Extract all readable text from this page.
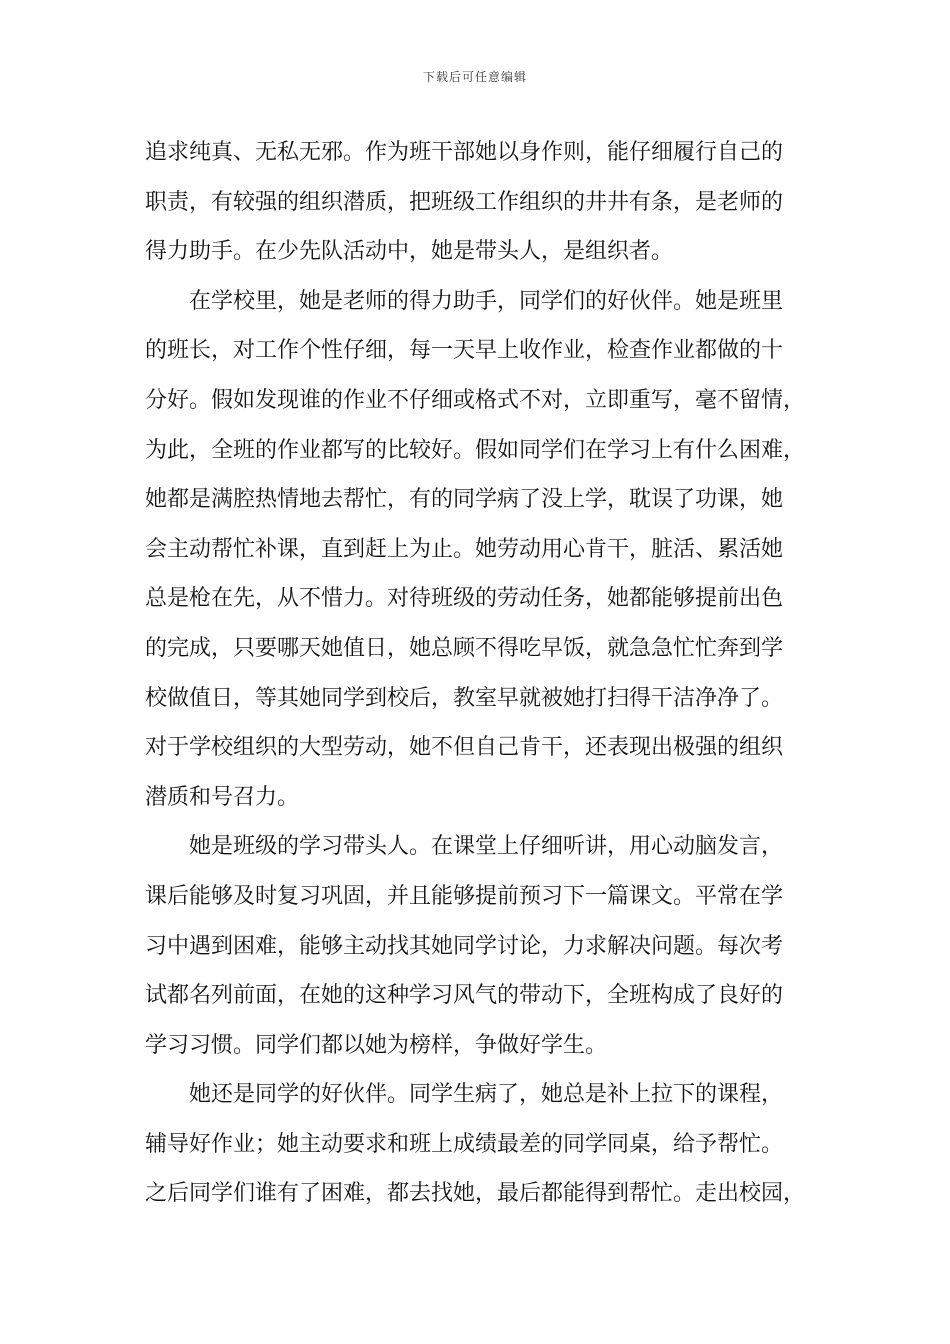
下载后可任意编辑
追求纯真、无私无邪。作为班干部她以身作则，能仔细履行自己的
职责，有较强的组织潜质，把班级工作组织的井井有条，是老师的
得力助手。在少先队活动中，她是带头人，是组织者。
在学校里，她是老师的得力助手，同学们的好伙伴。她是班里
的班长，对工作个性仔细，每一天早上收作业，检查作业都做的十
分好。假如发现谁的作业不仔细或格式不对，立即重写，毫不留情，
为此，全班的作业都写的比较好。假如同学们在学习上有什么困难，
她都是满腔热情地去帮忙，有的同学病了没上学，耽误了功课，她
会主动帮忙补课，直到赶上为止。她劳动用心肯干，脏活、累活她
总是枪在先，从不惜力。对待班级的劳动任务，她都能够提前出色
的完成，只要哪天她值日，她总顾不得吃早饭，就急急忙忙奔到学
校做值日，等其她同学到校后，教室早就被她打扫得干洁净净了。
对于学校组织的大型劳动，她不但自己肯干，还表现出极强的组织
潜质和号召力。
她是班级的学习带头人。在课堂上仔细听讲，用心动脑发言，
课后能够及时复习巩固，并且能够提前预习下一篇课文。平常在学
习中遇到困难，能够主动找其她同学讨论，力求解决问题。每次考
试都名列前面，在她的这种学习风气的带动下，全班构成了良好的
学习习惯。同学们都以她为榜样，争做好学生。
她还是同学的好伙伴。同学生病了，她总是补上拉下的课程，
辅导好作业；她主动要求和班上成绩最差的同学同桌，给予帮忙。
之后同学们谁有了困难，都去找她，最后都能得到帮忙。走出校园，
